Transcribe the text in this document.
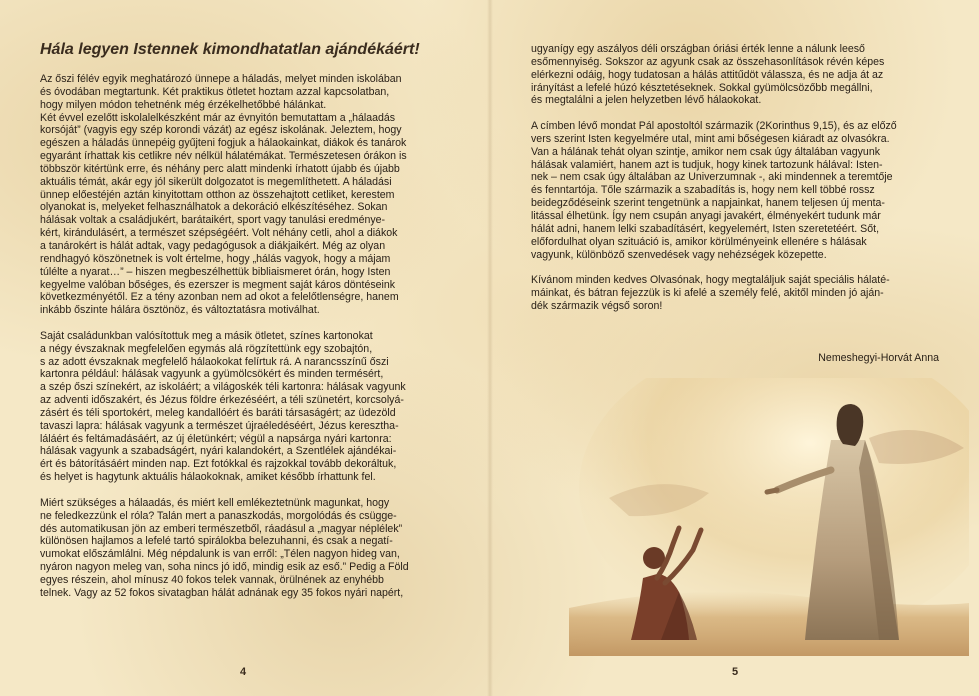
Hála legyen Istennek kimondhatatlan ajándékáért!

Az őszi félév egyik meghatározó ünnepe a háladás, melyet minden iskolában

és óvodában megtartunk. Két praktikus ötletet hoztam azzal kapcsolatban,

hogy milyen módon tehetnénk még érzékelhetőbbé hálánkat.

Két évvel ezelőtt iskolalelkészként már az évnyitón bemutattam a „hálaadás

korsóját” (vagyis egy szép korondi vázát) az egész iskolának. Jeleztem, hogy

egészen a háladás ünnepéig gyűjteni fogjuk a hálaokainkat, diákok és tanárok

egyaránt írhattak kis cetlikre név nélkül hálatémákat. Természetesen órákon is

többször kitértünk erre, és néhány perc alatt mindenki írhatott újabb és újabb

aktuális témát, akár egy jól sikerült dolgozatot is megemlíthetett. A háladási

ünnep előestéjén aztán kinyitottam otthon az összehajtott cetliket, kerestem

olyanokat is, melyeket felhasználhatok a dekoráció elkészítéséhez. Sokan

hálásak voltak a családjukért, barátaikért, sport vagy tanulási eredménye-

kért, kirándulásért, a természet szépségéért. Volt néhány cetli, ahol a diákok

a tanárokért is hálát adtak, vagy pedagógusok a diákjaikért. Még az olyan

rendhagyó köszönetnek is volt értelme, hogy „hálás vagyok, hogy a májam

túlélte a nyarat…” – hiszen megbeszélhettük bibliaismeret órán, hogy Isten

kegyelme valóban bőséges, és ezerszer is megment saját káros döntéseink

következményétől. Ez a tény azonban nem ad okot a felelőtlenségre, hanem

inkább őszinte hálára ösztönöz, és változtatásra motiválhat.

Saját családunkban valósítottuk meg a másik ötletet, színes kartonokat

a négy évszaknak megfelelően egymás alá rögzítettünk egy szobajtón,

s az adott évszaknak megfelelő hálaokokat felírtuk rá. A narancsszínű őszi

kartonra például: hálásak vagyunk a gyümölcsökért és minden termésért,

a szép őszi színekért, az iskoláért; a világoskék téli kartonra: hálásak vagyunk

az adventi időszakért, és Jézus földre érkezéséért, a téli szünetért, korcsolyá-

zásért és téli sportokért, meleg kandallóért és baráti társaságért; az üdezöld

tavaszi lapra: hálásak vagyunk a természet újraéledéséért, Jézus kereszthа-

láláért és feltámadásáért, az új életünkért; végül a napsárga nyári kartonra:

hálásak vagyunk a szabadságért, nyári kalandokért, a Szentlélek ajándékai-

ért és bátorításáért minden nap. Ezt fotókkal és rajzokkal tovább dekoráltuk,

és helyet is hagytunk aktuális hálaokoknak, amiket később írhattunk fel.

Miért szükséges a hálaadás, és miért kell emlékeztetnünk magunkat, hogy

ne feledkezzünk el róla? Talán mert a panaszkodás, morgolódás és csügge-

dés automatikusan jön az emberi természetből, ráadásul a „magyar néplélek”

különösen hajlamos a lefelé tartó spirálokba belezuhanni, és csak a negatí-

vumokat előszámlálni. Még népdalunk is van erről: „Télen nagyon hideg van,

nyáron nagyon meleg van, soha nincs jó idő, mindig esik az eső.” Pedig a Föld

egyes részein, ahol mínusz 40 fokos telek vannak, örülnének az enyhébb

telnek. Vagy az 52 fokos sivatagban hálát adnának egy 35 fokos nyári napért,

4

ugyanígy egy aszályos déli országban óriási érték lenne a nálunk leeső

esőmennyiség. Sokszor az agyunk csak az összehasonlítások révén képes

elérkezni odáig, hogy tudatosan a hálás attitűdöt válassza, és ne adja át az

irányítást a lefelé húzó késztetéseknek. Sokkal gyümölcsözőbb megállni,

és megtalálni a jelen helyzetben lévő hálaokokat.

A címben lévő mondat Pál apostoltól származik (2Korinthus 9,15), és az előző

vers szerint Isten kegyelmére utal, mint ami bőségesen kiáradt az olvasókra.

Van a hálának tehát olyan szintje, amikor nem csak úgy általában vagyunk

hálásak valamiért, hanem azt is tudjuk, hogy kinek tartozunk hálával: Isten-

nek – nem csak úgy általában az Univerzumnak -, aki mindennek a teremtője

és fenntartója. Tőle származik a szabadítás is, hogy nem kell többé rossz

beidegződéseink szerint tengetnünk a napjainkat, hanem teljesen új menta-

litással élhetünk. Így nem csupán anyagi javakért, élményekért tudunk már

hálát adni, hanem lelki szabadításért, kegyelemért, Isten szeretetéért. Sőt,

előfordulhat olyan szituáció is, amikor körülményeink ellenére s hálásak

vagyunk, különböző szenvedések vagy nehézségek közepette.

Kívánom minden kedves Olvasónak, hogy megtaláljuk saját speciális hálaté-

máinkat, és bátran fejezzük is ki afelé a személy felé, akitől minden jó aján-

dék származik végső soron!

Nemeshegyi-Horvát Anna
5
